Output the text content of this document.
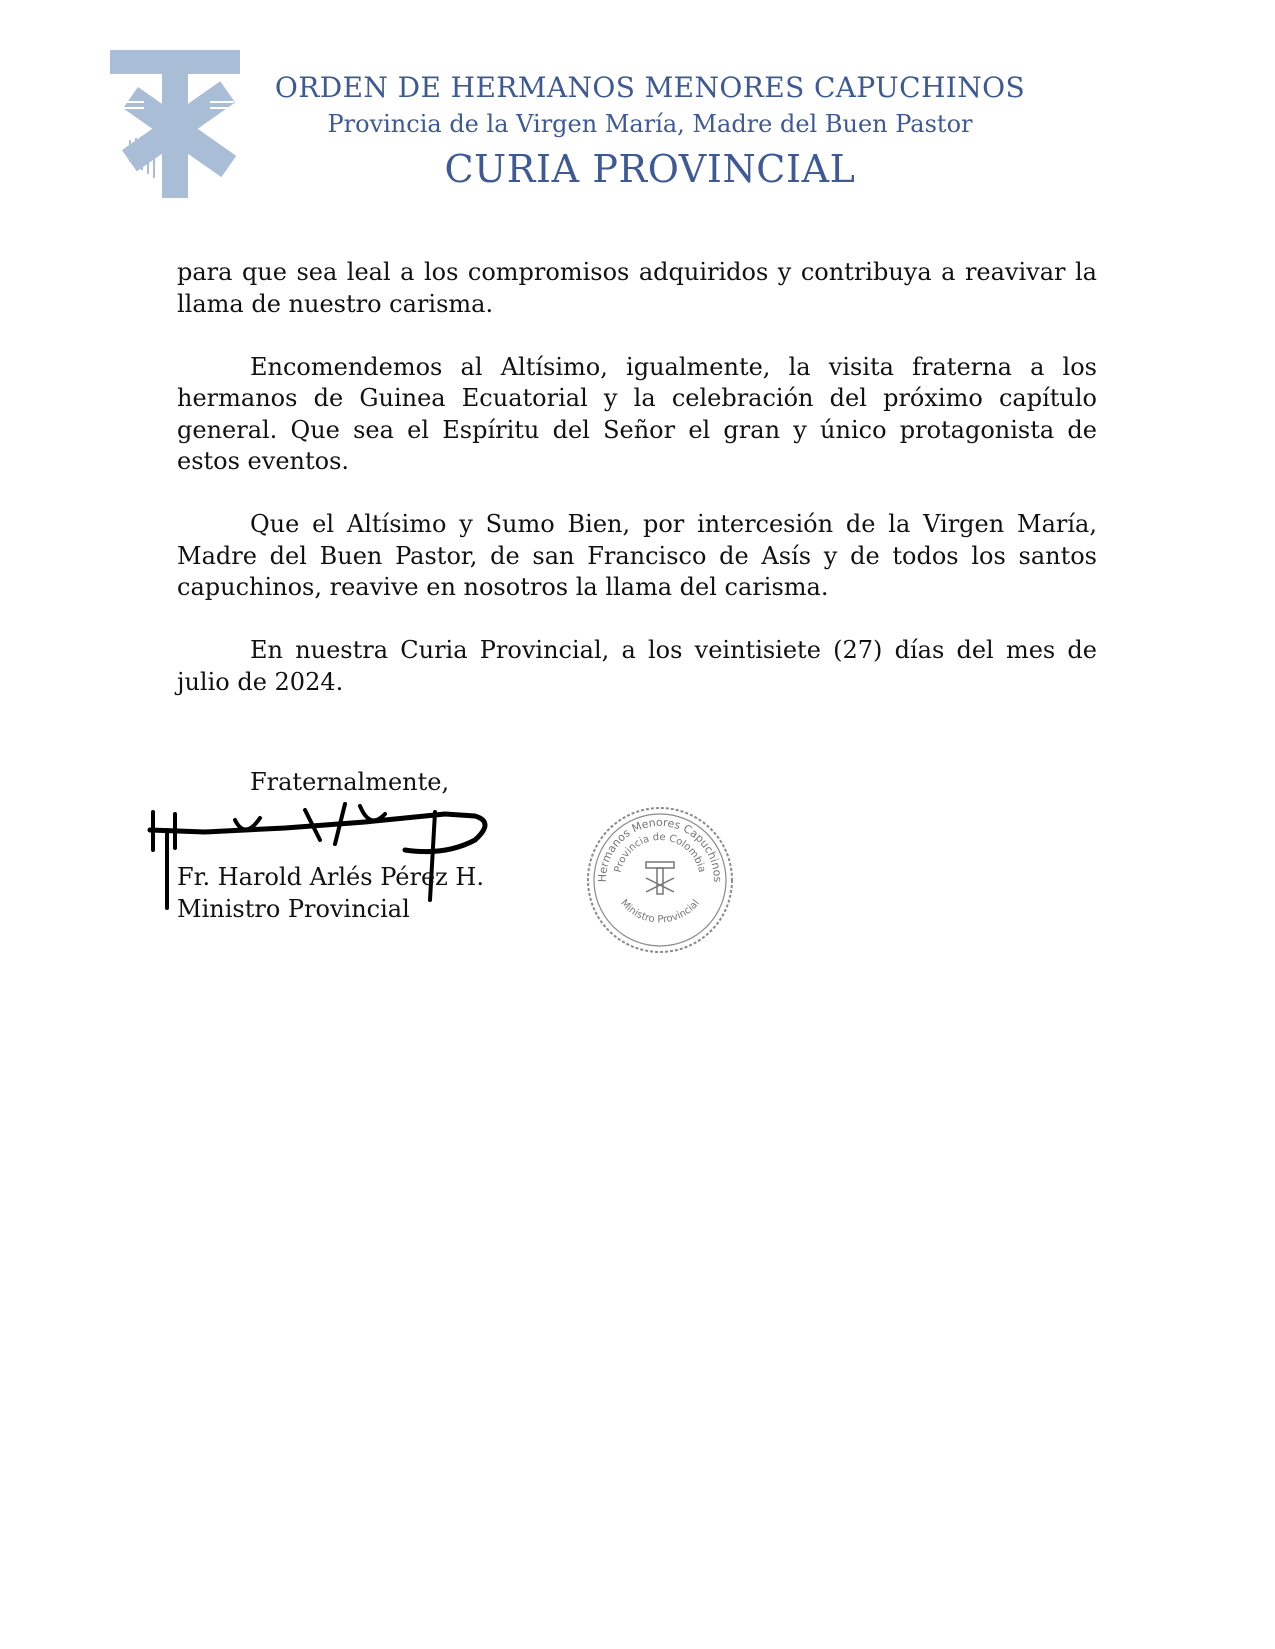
ORDEN DE HERMANOS MENORES CAPUCHINOS
Provincia de la Virgen María, Madre del Buen Pastor
CURIA PROVINCIAL

para que sea leal a los compromisos adquiridos y contribuya a reavivar la llama de nuestro carisma.

Encomendemos al Altísimo, igualmente, la visita fraterna a los hermanos de Guinea Ecuatorial y la celebración del próximo capítulo general. Que sea el Espíritu del Señor el gran y único protagonista de estos eventos.

Que el Altísimo y Sumo Bien, por intercesión de la Virgen María, Madre del Buen Pastor, de san Francisco de Asís y de todos los santos capuchinos, reavive en nosotros la llama del carisma.

En nuestra Curia Provincial, a los veintisiete (27) días del mes de julio de 2024.

Fraternalmente,
Fr. Harold Arlés Pérez H.
Ministro Provincial
Hermanos Menores Capuchinos
Provincia de Colombia
Ministro Provincial
